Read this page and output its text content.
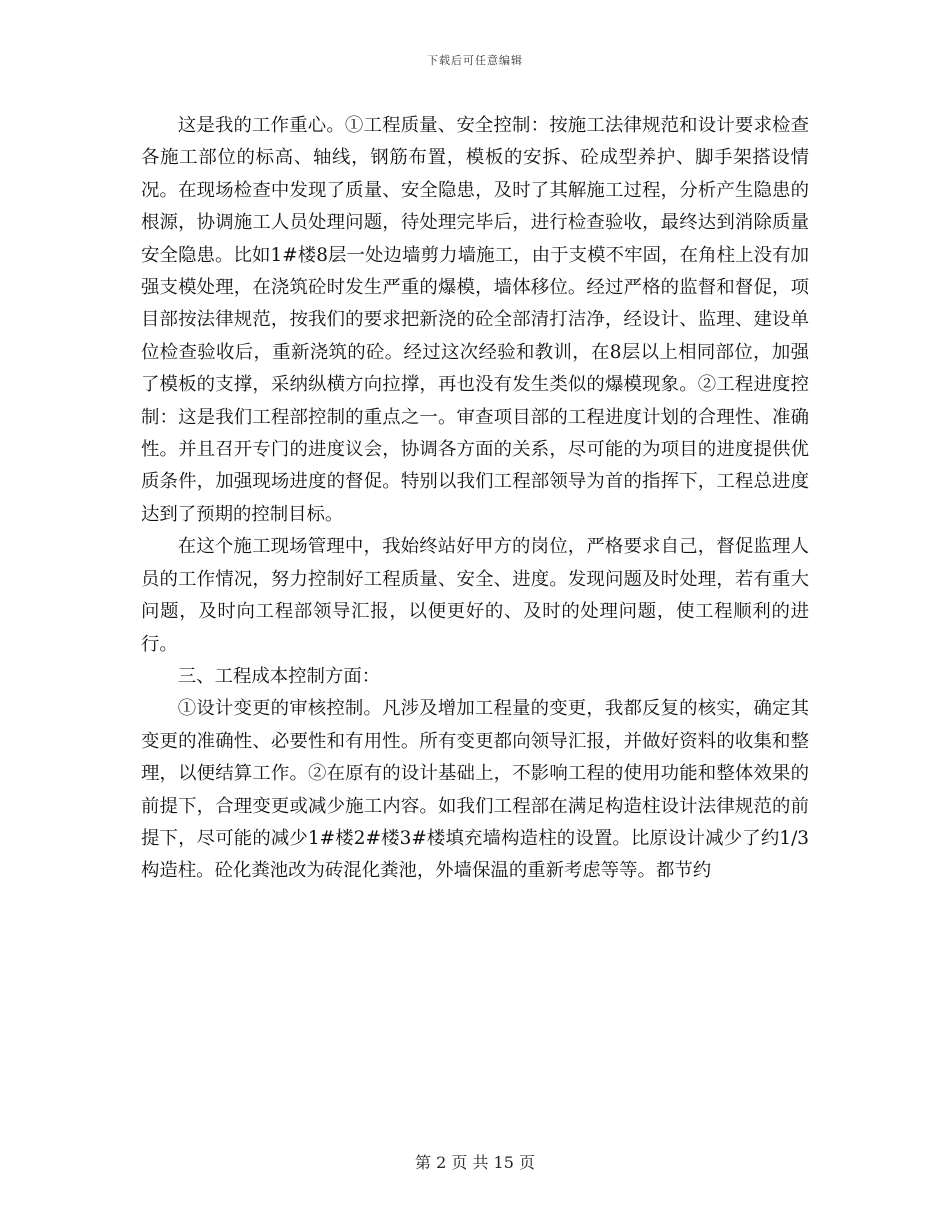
下载后可任意编辑

这是我的工作重心。①工程质量、安全控制：按施工法律规范和设计要求检查各施工部位的标高、轴线，钢筋布置，模板的安拆、砼成型养护、脚手架搭设情况。在现场检查中发现了质量、安全隐患，及时了其解施工过程，分析产生隐患的根源，协调施工人员处理问题，待处理完毕后，进行检查验收，最终达到消除质量安全隐患。比如1#楼8层一处边墙剪力墙施工，由于支模不牢固，在角柱上没有加强支模处理，在浇筑砼时发生严重的爆模，墙体移位。经过严格的监督和督促，项目部按法律规范，按我们的要求把新浇的砼全部清打洁净，经设计、监理、建设单位检查验收后，重新浇筑的砼。经过这次经验和教训，在8层以上相同部位，加强了模板的支撑，采纳纵横方向拉撑，再也没有发生类似的爆模现象。②工程进度控制：这是我们工程部控制的重点之一。审查项目部的工程进度计划的合理性、准确性。并且召开专门的进度议会，协调各方面的关系，尽可能的为项目的进度提供优质条件，加强现场进度的督促。特别以我们工程部领导为首的指挥下，工程总进度达到了预期的控制目标。

在这个施工现场管理中，我始终站好甲方的岗位，严格要求自己，督促监理人员的工作情况，努力控制好工程质量、安全、进度。发现问题及时处理，若有重大问题，及时向工程部领导汇报，以便更好的、及时的处理问题，使工程顺利的进行。

三、工程成本控制方面：

①设计变更的审核控制。凡涉及增加工程量的变更，我都反复的核实，确定其变更的准确性、必要性和有用性。所有变更都向领导汇报，并做好资料的收集和整理，以便结算工作。②在原有的设计基础上，不影响工程的使用功能和整体效果的前提下，合理变更或减少施工内容。如我们工程部在满足构造柱设计法律规范的前提下，尽可能的减少1#楼2#楼3#楼填充墙构造柱的设置。比原设计减少了约1/3构造柱。砼化粪池改为砖混化粪池，外墙保温的重新考虑等等。都节约

第 2 页 共 15 页
